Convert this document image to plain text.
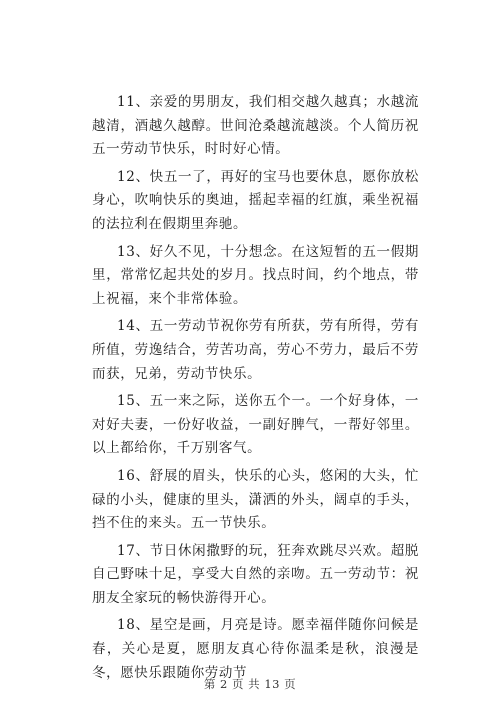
11、亲爱的男朋友，我们相交越久越真；水越流越清，酒越久越醇。世间沧桑越流越淡。个人简历祝五一劳动节快乐，时时好心情。

12、快五一了，再好的宝马也要休息，愿你放松身心，吹响快乐的奥迪，摇起幸福的红旗，乘坐祝福的法拉利在假期里奔驰。

13、好久不见，十分想念。在这短暂的五一假期里，常常忆起共处的岁月。找点时间，约个地点，带上祝福，来个非常体验。

14、五一劳动节祝你劳有所获，劳有所得，劳有所值，劳逸结合，劳苦功高，劳心不劳力，最后不劳而获，兄弟，劳动节快乐。

15、五一来之际，送你五个一。一个好身体，一对好夫妻，一份好收益，一副好脾气，一帮好邻里。以上都给你，千万别客气。

16、舒展的眉头，快乐的心头，悠闲的大头，忙碌的小头，健康的里头，潇洒的外头，阔卓的手头，挡不住的来头。五一节快乐。

17、节日休闲撒野的玩，狂奔欢跳尽兴欢。超脱自己野味十足，享受大自然的亲吻。五一劳动节：祝朋友全家玩的畅快游得开心。

18、星空是画，月亮是诗。愿幸福伴随你问候是春，关心是夏，愿朋友真心待你温柔是秋，浪漫是冬，愿快乐跟随你劳动节

第 2 页 共 13 页
